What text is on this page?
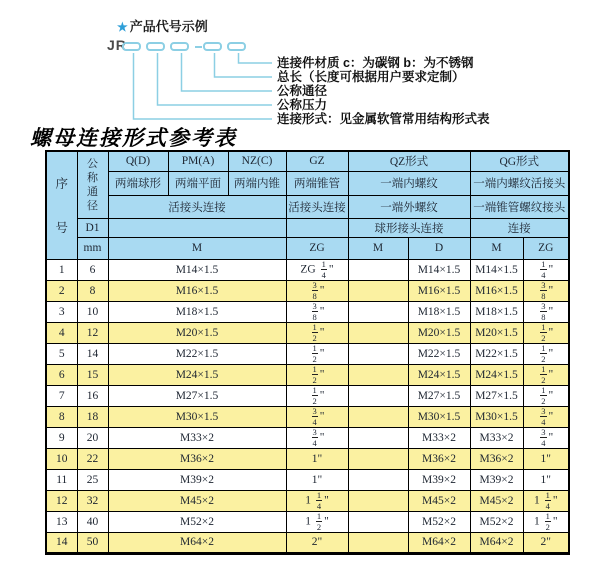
★ 产品代号示例
JR
连接件材质 c：为碳钢 b：为不锈钢
总长（长度可根据用户要求定制）
公称通径
公称压力
连接形式：见金属软管常用结构形式表
螺母连接形式参考表
序
号

公
称
通
径
	Q(D)	PM(A)	NZ(C)	GZ	QZ形式	QG形式
		两端球形	两端平面	两端内锥	两端锥管	一端内螺纹		一端内螺纹活接头	
		活接头连接			活接头连接	一端外螺纹		一端锥管螺纹接头	
	D1					球形接头连接		连接	
	mm	M			ZG	M	D	M	ZG
1	6	M14×1.5			ZG $\frac{1}{4}$ "		M14×1.5	M14×1.5	$\frac{1}{4}$ "
2	8	M16×1.5			$\frac{3}{8}$ "		M16×1.5	M16×1.5	$\frac{3}{8}$ "
3	10	M18×1.5			$\frac{3}{8}$ "		M18×1.5	M18×1.5	$\frac{3}{8}$ "
4	12	M20×1.5			$\frac{1}{2}$ "		M20×1.5	M20×1.5	$\frac{1}{2}$ "
5	14	M22×1.5			$\frac{1}{2}$ "		M22×1.5	M22×1.5	$\frac{1}{2}$ "
6	15	M24×1.5			$\frac{1}{2}$ "		M24×1.5	M24×1.5	$\frac{1}{2}$ "
7	16	M27×1.5			$\frac{1}{2}$ "		M27×1.5	M27×1.5	$\frac{1}{2}$ "
8	18	M30×1.5			$\frac{3}{4}$ "		M30×1.5	M30×1.5	$\frac{3}{4}$ "
9	20	M33×2			$\frac{3}{4}$ "		M33×2	M33×2	$\frac{3}{4}$ "
10	22	M36×2			1"		M36×2	M36×2	1"
11	25	M39×2			1"		M39×2	M39×2	1"
12	32	M45×2			$1 \frac{1}{4}$ "		M45×2	M45×2	$1 \frac{1}{4}$ "
13	40	M52×2			$1 \frac{1}{2}$ "		M52×2	M52×2	$1 \frac{1}{2}$ "
14	50	M64×2			2"		M64×2	M64×2	2"
